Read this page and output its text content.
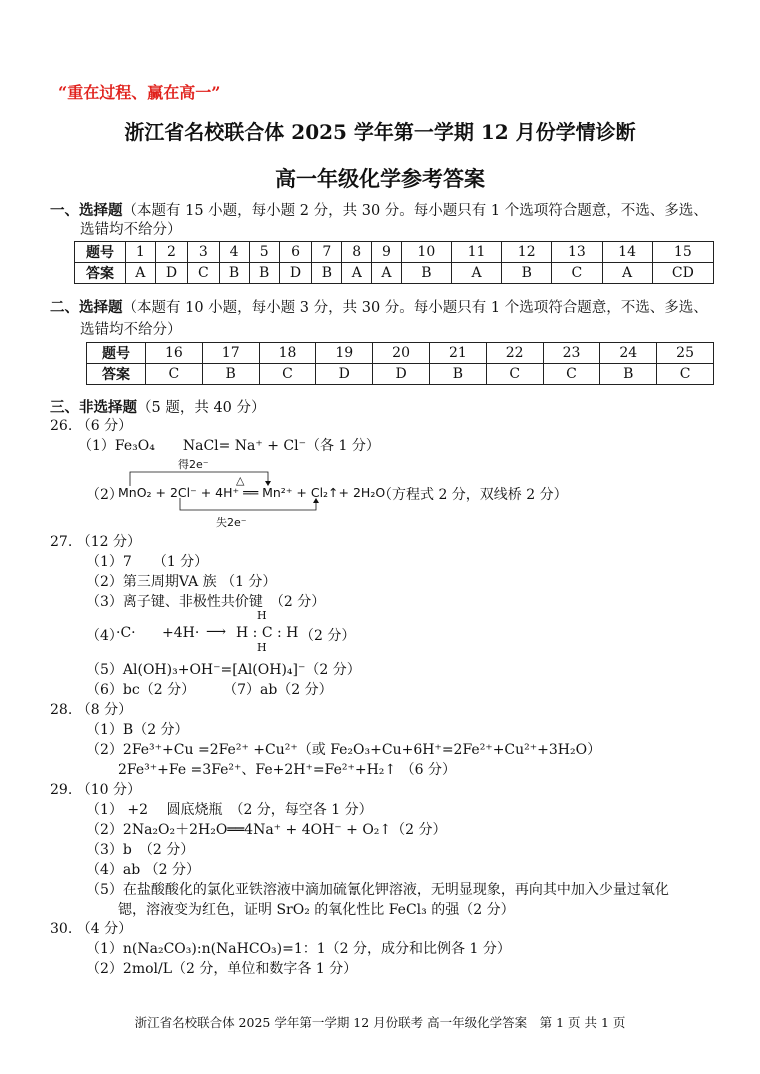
“重在过程、赢在高一”
浙江省名校联合体 2025 学年第一学期 12 月份学情诊断
高一年级化学参考答案
一、选择题（本题有 15 小题，每小题 2 分，共 30 分。每小题只有 1 个选项符合题意，不选、多选、
选错均不给分）
题号	1	2	3	4	5	6	7	8	9	10	11	12	13	14	15
答案	A	D	C	B	B	D	B	A	A	B	A	B	C	A	CD
二、选择题（本题有 10 小题，每小题 3 分，共 30 分。每小题只有 1 个选项符合题意，不选、多选、
选错均不给分）
题号	16	17	18	19	20	21	22	23	24	25
答案	C	B	C	D	D	B	C	C	B	C
三、非选择题（5 题，共 40 分）
26. （6 分）
（1）Fe₃O₄　　NaCl= Na⁺ + Cl⁻（各 1 分）
得2e⁻
（2）
△
MnO₂ + 2Cl⁻ + 4H⁺ ══ Mn²⁺ + Cl₂↑+ 2H₂O
（方程式 2 分，双线桥 2 分）
失2e⁻
27. （12 分）
（1）7　　（1 分）
（2）第三周期VA 族 （1 分）
（3）离子键、非极性共价键　（2 分）
（4）
·C· +4H· ⟶
H
H : C : H
H
（2 分）
（5）Al(OH)₃+OH⁻=[Al(OH)₄]⁻（2 分）
（6）bc（2 分）　　　（7）ab（2 分）
28. （8 分）
（1）B（2 分）
（2）2Fe³⁺+Cu =2Fe²⁺ +Cu²⁺（或 Fe₂O₃+Cu+6H⁺=2Fe²⁺+Cu²⁺+3H₂O）
2Fe³⁺+Fe =3Fe²⁺、Fe+2H⁺=Fe²⁺+H₂↑ （6 分）
29. （10 分）
（1） +2　 圆底烧瓶　（2 分，每空各 1 分）
（2）2Na₂O₂＋2H₂O══4Na⁺ + 4OH⁻ + O₂↑（2 分）
（3）b　（2 分）
（4）ab （2 分）
（5）在盐酸酸化的氯化亚铁溶液中滴加硫氰化钾溶液，无明显现象，再向其中加入少量过氧化
锶，溶液变为红色，证明 SrO₂ 的氧化性比 FeCl₃ 的强（2 分）
30. （4 分）
（1）n(Na₂CO₃):n(NaHCO₃)=1：1（2 分，成分和比例各 1 分）
（2）2mol/L（2 分，单位和数字各 1 分）
浙江省名校联合体 2025 学年第一学期 12 月份联考 高一年级化学答案　第 1 页 共 1 页
